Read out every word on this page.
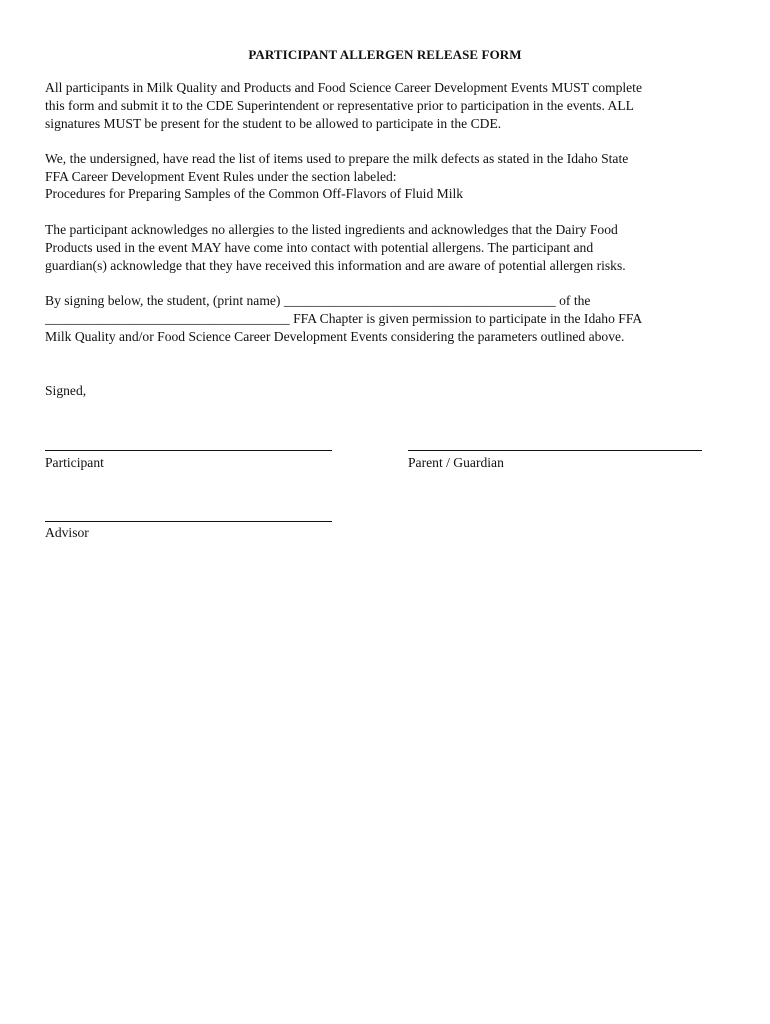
PARTICIPANT ALLERGEN RELEASE FORM
All participants in Milk Quality and Products and Food Science Career Development Events MUST complete
this form and submit it to the CDE Superintendent or representative prior to participation in the events. ALL
signatures MUST be present for the student to be allowed to participate in the CDE.
We, the undersigned, have read the list of items used to prepare the milk defects as stated in the Idaho State
FFA Career Development Event Rules under the section labeled:
Procedures for Preparing Samples of the Common Off-Flavors of Fluid Milk
The participant acknowledges no allergies to the listed ingredients and acknowledges that the Dairy Food
Products used in the event MAY have come into contact with potential allergens. The participant and
guardian(s) acknowledge that they have received this information and are aware of potential allergen risks.
By signing below, the student, (print name) ________________________________________ of the
____________________________________ FFA Chapter is given permission to participate in the Idaho FFA
Milk Quality and/or Food Science Career Development Events considering the parameters outlined above.
Signed,
Participant	Parent / Guardian
Advisor
